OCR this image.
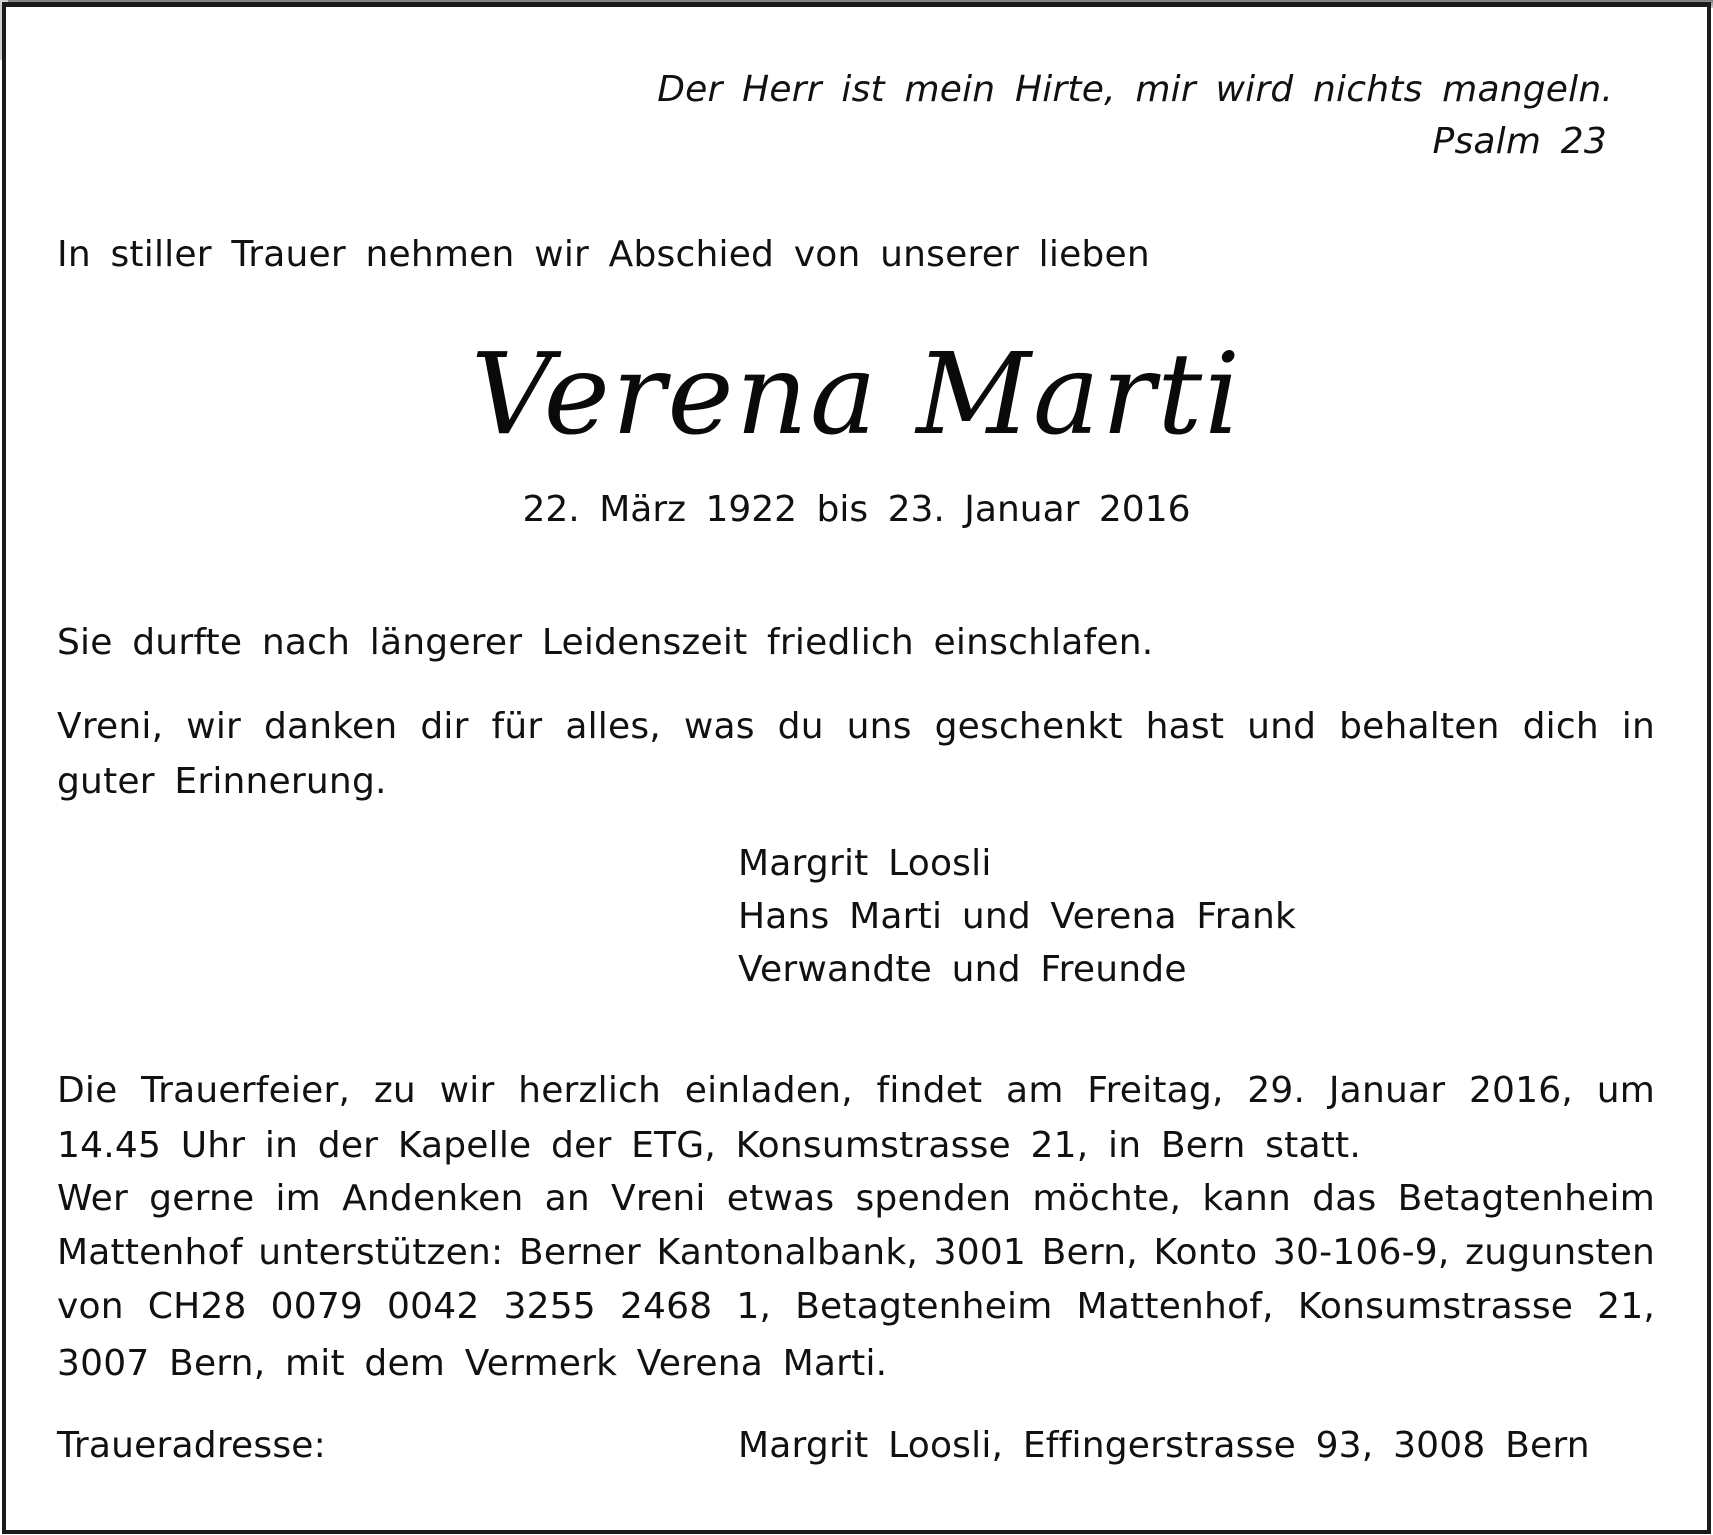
Der Herr ist mein Hirte, mir wird nichts mangeln.
Psalm 23
In stiller Trauer nehmen wir Abschied von unserer lieben
Verena Marti
22. März 1922 bis 23. Januar 2016
Sie durfte nach längerer Leidenszeit friedlich einschlafen.
Vreni, wir danken dir für alles, was du uns geschenkt hast und behalten dich in
guter Erinnerung.
Margrit Loosli
Hans Marti und Verena Frank
Verwandte und Freunde
Die Trauerfeier, zu wir herzlich einladen, findet am Freitag, 29. Januar 2016, um
14.45 Uhr in der Kapelle der ETG, Konsumstrasse 21, in Bern statt.
Wer gerne im Andenken an Vreni etwas spenden möchte, kann das Betagtenheim
Mattenhof unterstützen: Berner Kantonalbank, 3001 Bern, Konto 30-106-9, zugunsten
von CH28 0079 0042 3255 2468 1, Betagtenheim Mattenhof, Konsumstrasse 21,
3007 Bern, mit dem Vermerk Verena Marti.
Traueradresse:	Margrit Loosli, Effingerstrasse 93, 3008 Bern
